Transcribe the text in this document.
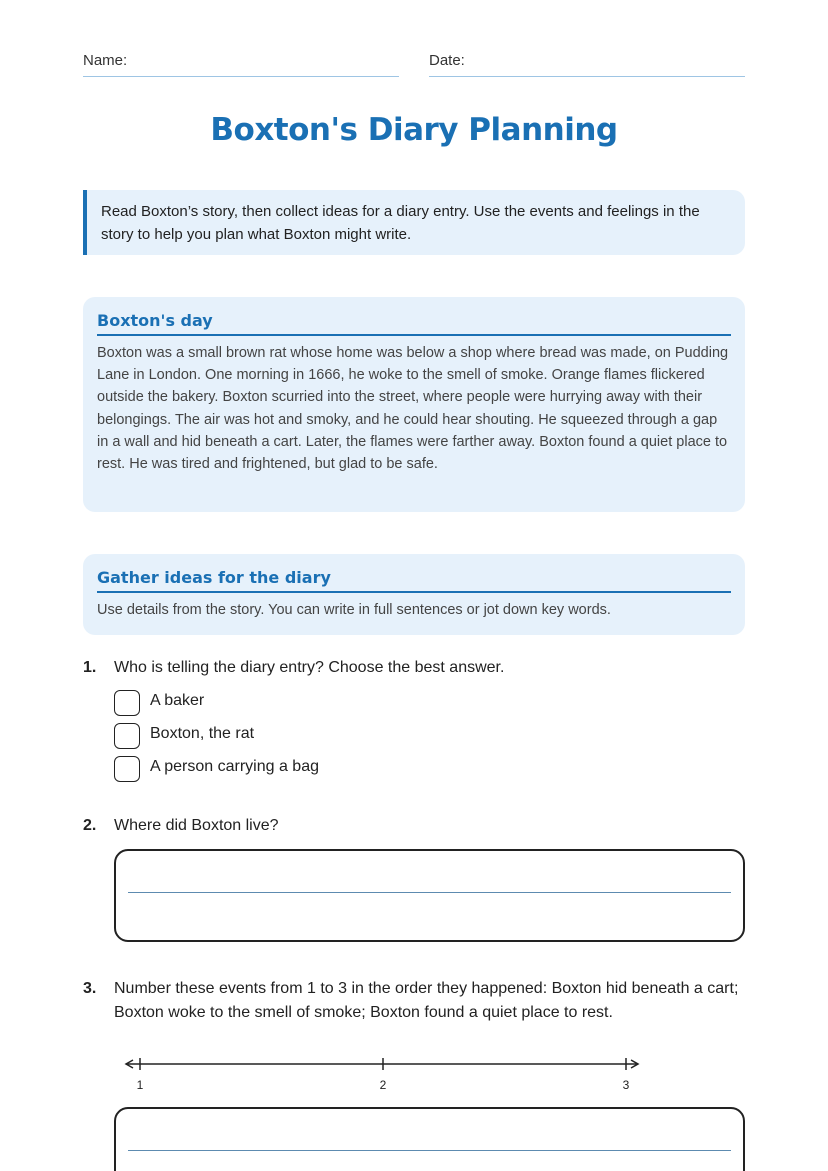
Name:	Date:
Boxton's Diary Planning
Read Boxton’s story, then collect ideas for a diary entry. Use the events and feelings in the story to help you plan what Boxton might write.
Boxton's day

Boxton was a small brown rat whose home was below a shop where bread was made, on Pudding Lane in London. One morning in 1666, he woke to the smell of smoke. Orange flames flickered outside the bakery. Boxton scurried into the street, where people were hurrying away with their belongings. The air was hot and smoky, and he could hear shouting. He squeezed through a gap in a wall and hid beneath a cart. Later, the flames were farther away. Boxton found a quiet place to rest. He was tired and frightened, but glad to be safe.

Gather ideas for the diary

Use details from the story. You can write in full sentences or jot down key words.

1. Who is telling the diary entry? Choose the best answer.
A baker
Boxton, the rat
A person carrying a bag
2. Where did Boxton live?
3. Number these events from 1 to 3 in the order they happened: Boxton hid beneath a cart; Boxton woke to the smell of smoke; Boxton found a quiet place to rest.
1	2	3
